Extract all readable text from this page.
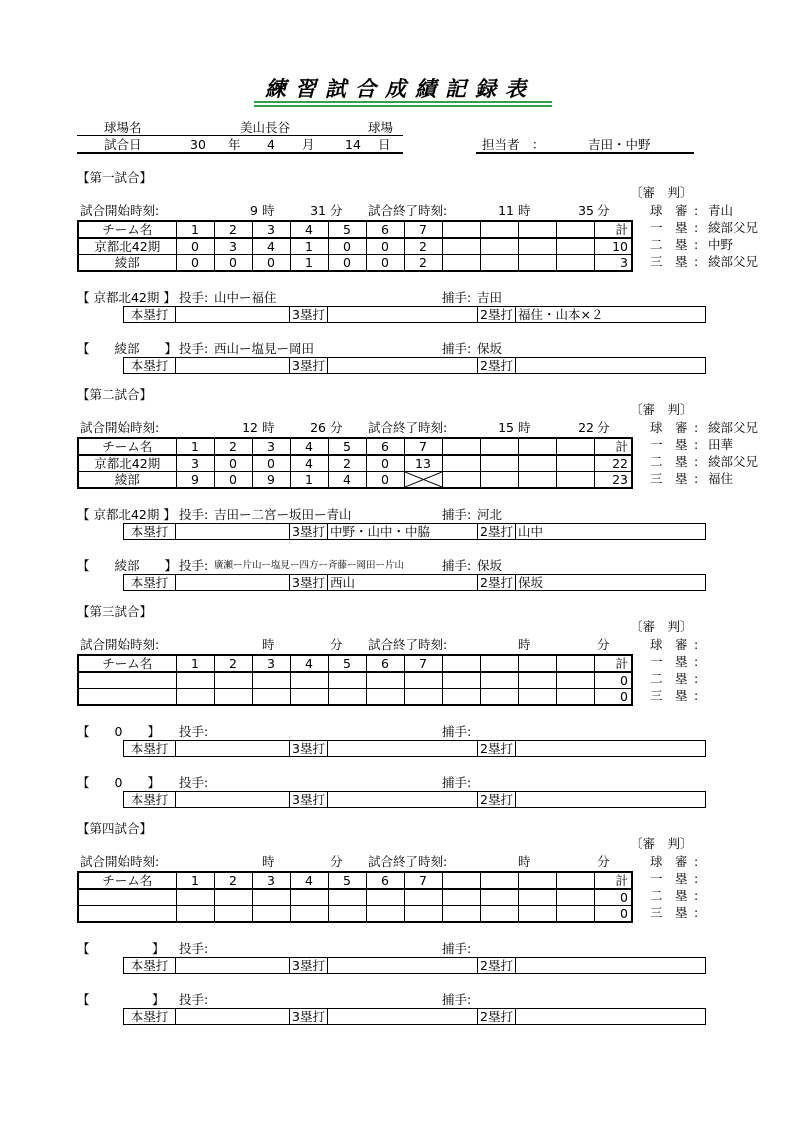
練習試合成績記録表
球場名	美山長谷	球場
試合日	30 年 4 月 14 日	担当者　：	吉田・中野
【第一試合】
〔審　判〕
試合開始時刻:	9 時	31 分 試合終了時刻:	11 時	35 分	球　審 : 青山
一　塁 : 綾部父兄
二　塁 : 中野
三　塁 : 綾部父兄
チーム名	1	2	3	4	5	6	7					計
京都北42期	0	3	4	1	0	0	2					10
綾部	0	0	0	1	0	0	2					3
【 京都北42期 】 投手: 山中ー福住	捕手: 吉田
本塁打		3塁打		2塁打	福住・山本×２
【　　綾部　　】 投手: 西山ー塩見ー岡田	捕手: 保坂
本塁打		3塁打		2塁打	
【第二試合】
〔審　判〕
試合開始時刻:	12 時	26 分 試合終了時刻:	15 時	22 分	球　審 : 綾部父兄
一　塁 : 田華
二　塁 : 綾部父兄
三　塁 : 福住
チーム名	1	2	3	4	5	6	7					計
京都北42期	3	0	0	4	2	0	13					22
綾部	9	0	9	1	4	0						23
【 京都北42期 】 投手: 吉田ー二宮ー坂田ー青山	捕手: 河北
本塁打		3塁打	中野・山中・中脇	2塁打	山中
【　　綾部　　】 投手: 廣瀬ー片山ー塩見ー四方ー斉藤ー岡田ー片山	捕手: 保坂
本塁打		3塁打	西山	2塁打	保坂
【第三試合】
〔審　判〕
試合開始時刻:	時	分 試合終了時刻:	時	分	球　審 :
一　塁 :
二　塁 :
三　塁 :
チーム名	1	2	3	4	5	6	7					計
												0
												0
【　　0　　】 投手:	捕手:
本塁打		3塁打		2塁打	
【　　0　　】 投手:	捕手:
本塁打		3塁打		2塁打	
【第四試合】
〔審　判〕
試合開始時刻:	時	分 試合終了時刻:	時	分	球　審 :
一　塁 :
二　塁 :
三　塁 :
チーム名	1	2	3	4	5	6	7					計
												0
												0
【　　　　　】 投手:	捕手:
本塁打		3塁打		2塁打	
【　　　　　】 投手:	捕手:
本塁打		3塁打		2塁打	
